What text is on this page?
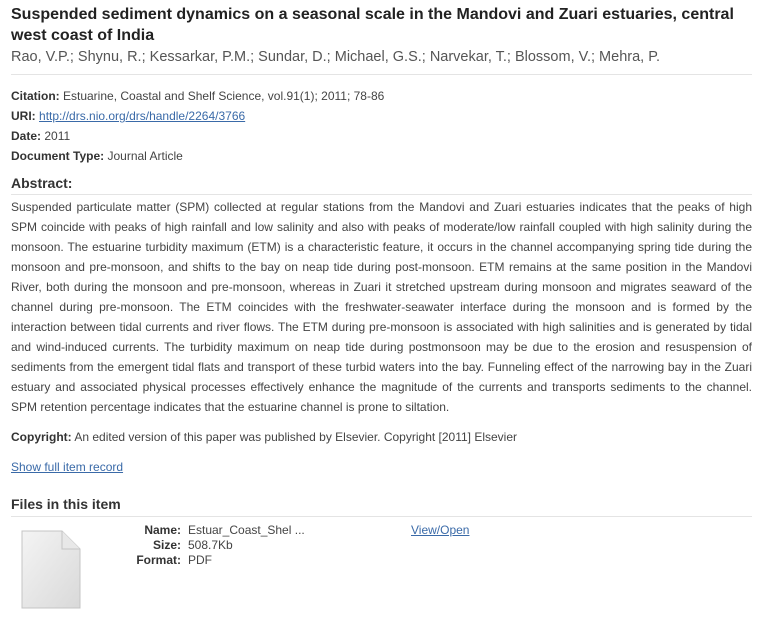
Suspended sediment dynamics on a seasonal scale in the Mandovi and Zuari estuaries, central west coast of India
Rao, V.P.; Shynu, R.; Kessarkar, P.M.; Sundar, D.; Michael, G.S.; Narvekar, T.; Blossom, V.; Mehra, P.
Citation: Estuarine, Coastal and Shelf Science, vol.91(1); 2011; 78-86
URI: http://drs.nio.org/drs/handle/2264/3766
Date: 2011
Document Type: Journal Article
Abstract:
Suspended particulate matter (SPM) collected at regular stations from the Mandovi and Zuari estuaries indicates that the peaks of high SPM coincide with peaks of high rainfall and low salinity and also with peaks of moderate/low rainfall coupled with high salinity during the monsoon. The estuarine turbidity maximum (ETM) is a characteristic feature, it occurs in the channel accompanying spring tide during the monsoon and pre-monsoon, and shifts to the bay on neap tide during post-monsoon. ETM remains at the same position in the Mandovi River, both during the monsoon and pre-monsoon, whereas in Zuari it stretched upstream during monsoon and migrates seaward of the channel during pre-monsoon. The ETM coincides with the freshwater-seawater interface during the monsoon and is formed by the interaction between tidal currents and river flows. The ETM during pre-monsoon is associated with high salinities and is generated by tidal and wind-induced currents. The turbidity maximum on neap tide during postmonsoon may be due to the erosion and resuspension of sediments from the emergent tidal flats and transport of these turbid waters into the bay. Funneling effect of the narrowing bay in the Zuari estuary and associated physical processes effectively enhance the magnitude of the currents and transports sediments to the channel. SPM retention percentage indicates that the estuarine channel is prone to siltation.
Copyright: An edited version of this paper was published by Elsevier. Copyright [2011] Elsevier
Show full item record
Files in this item
Name: Estuar_Coast_Shel ...
Size: 508.7Kb
Format: PDF
View/Open
